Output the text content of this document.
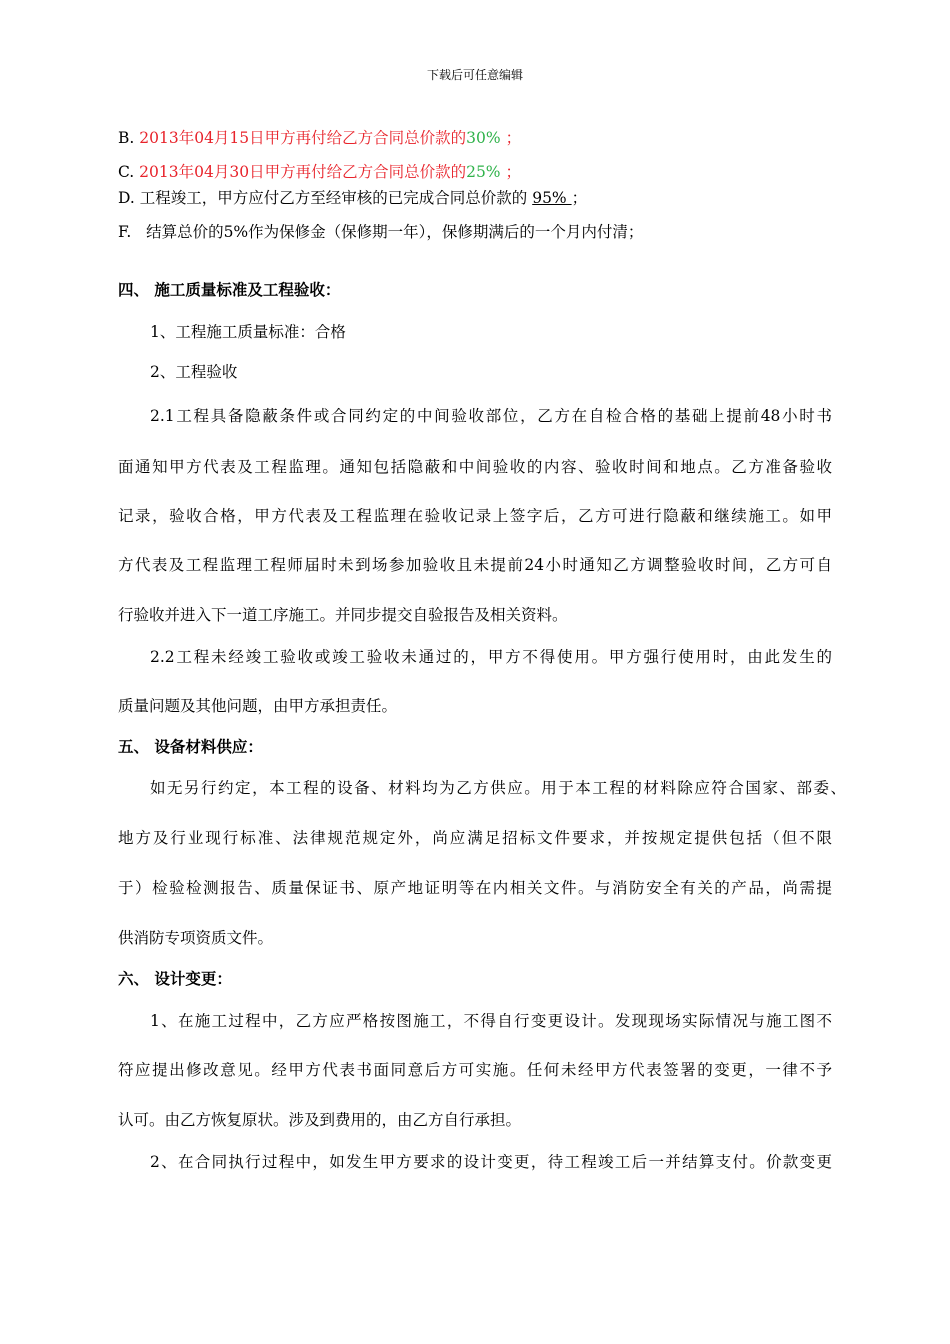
下载后可任意编辑
B. 2013年04月15日甲方再付给乙方合同总价款的30% ；
C. 2013年04月30日甲方再付给乙方合同总价款的25% ；
D. 工程竣工，甲方应付乙方至经审核的已完成合同总价款的 95% ；
F. 结算总价的5%作为保修金（保修期一年），保修期满后的一个月内付清；
四、 施工质量标准及工程验收：
1、工程施工质量标准：合格
2、工程验收
2.1工程具备隐蔽条件或合同约定的中间验收部位，乙方在自检合格的基础上提前48小时书
面通知甲方代表及工程监理。通知包括隐蔽和中间验收的内容、验收时间和地点。乙方准备验收
记录，验收合格，甲方代表及工程监理在验收记录上签字后，乙方可进行隐蔽和继续施工。如甲
方代表及工程监理工程师届时未到场参加验收且未提前24小时通知乙方调整验收时间，乙方可自
行验收并进入下一道工序施工。并同步提交自验报告及相关资料。
2.2工程未经竣工验收或竣工验收未通过的，甲方不得使用。甲方强行使用时，由此发生的
质量问题及其他问题，由甲方承担责任。
五、 设备材料供应：
如无另行约定，本工程的设备、材料均为乙方供应。用于本工程的材料除应符合国家、部委、
地方及行业现行标准、法律规范规定外，尚应满足招标文件要求，并按规定提供包括（但不限
于）检验检测报告、质量保证书、原产地证明等在内相关文件。与消防安全有关的产品，尚需提
供消防专项资质文件。
六、 设计变更：
1、在施工过程中，乙方应严格按图施工，不得自行变更设计。发现现场实际情况与施工图不
符应提出修改意见。经甲方代表书面同意后方可实施。任何未经甲方代表签署的变更，一律不予
认可。由乙方恢复原状。涉及到费用的，由乙方自行承担。
2、在合同执行过程中，如发生甲方要求的设计变更，待工程竣工后一并结算支付。价款变更
